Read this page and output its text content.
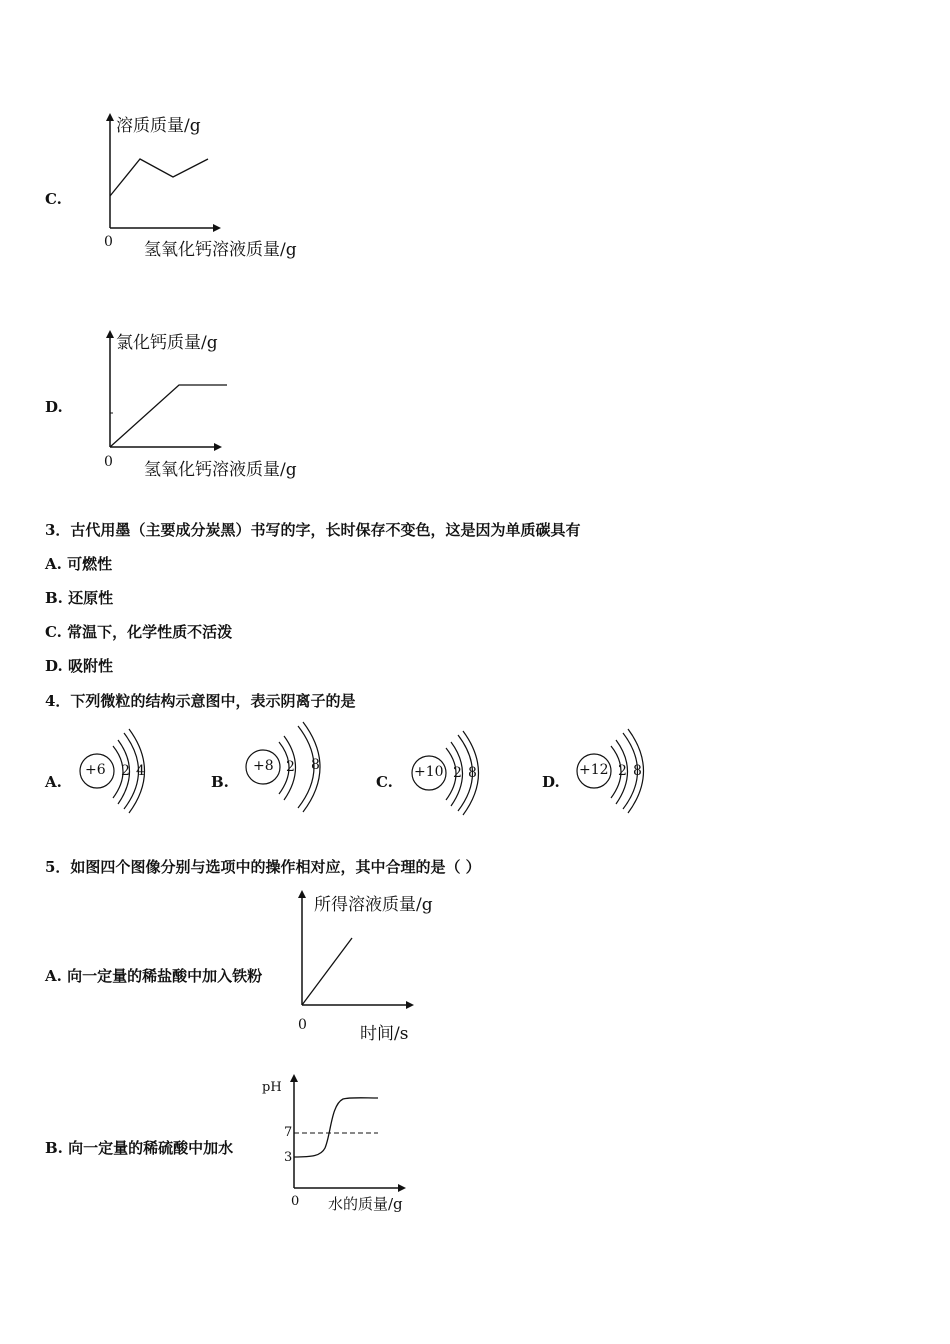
C.
溶质质量/g
0 氢氧化钙溶液质量/g
D.
氯化钙质量/g
0 氢氧化钙溶液质量/g
3．古代用墨（主要成分炭黑）书写的字，长时保存不变色，这是因为单质碳具有
A. 可燃性
B. 还原性
C. 常温下，化学性质不活泼
D. 吸附性
4．下列微粒的结构示意图中，表示阴离子的是
A.
+6 2 4
B.
+8 2 8
C.
+10 2 8	D.
+12 2 8
5．如图四个图像分别与选项中的操作相对应，其中合理的是（ ）
A. 向一定量的稀盐酸中加入铁粉
所得溶液质量/g
0	时间/s
B. 向一定量的稀硫酸中加水
pH
7
3
0 水的质量/g
